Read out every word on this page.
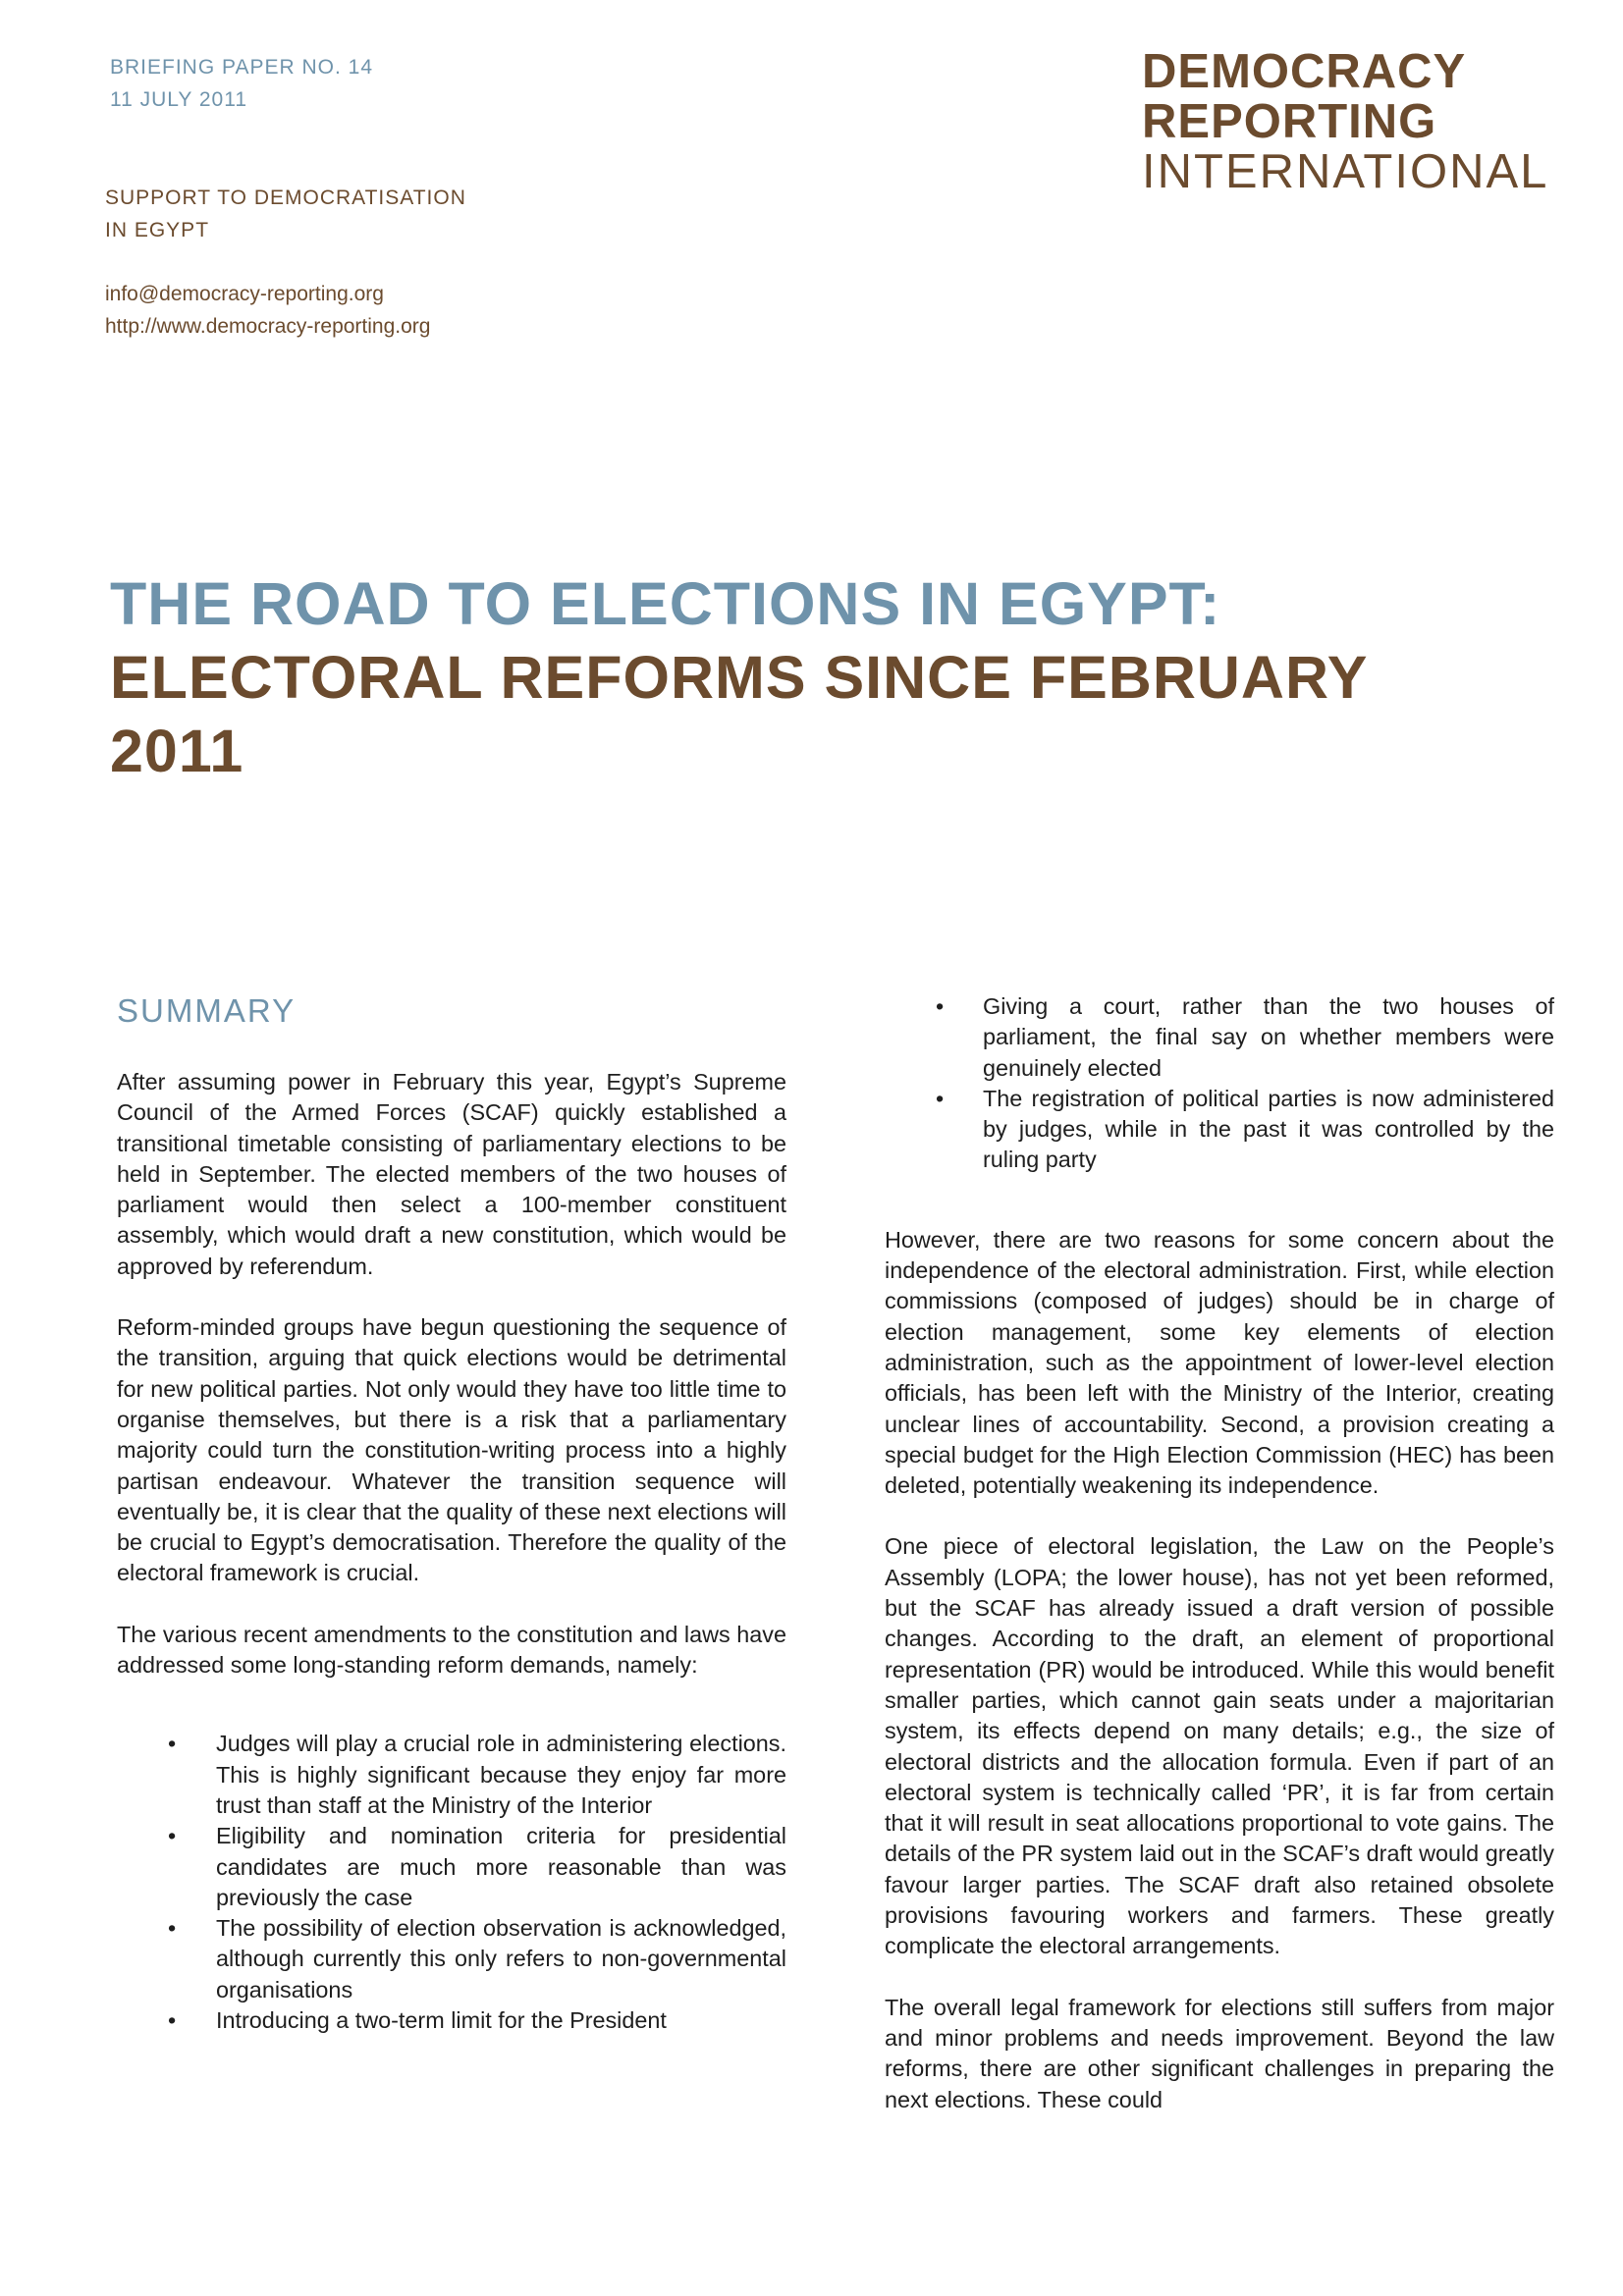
BRIEFING PAPER NO. 14
11 JULY 2011
SUPPORT TO DEMOCRATISATION
IN EGYPT
info@democracy-reporting.org
http://www.democracy-reporting.org
DEMOCRACY
REPORTING
INTERNATIONAL
THE ROAD TO ELECTIONS IN EGYPT:
ELECTORAL REFORMS SINCE FEBRUARY
2011
SUMMARY

After assuming power in February this year, Egypt’s Supreme Council of the Armed Forces (SCAF) quickly established a transitional timetable consisting of parliamentary elections to be held in September. The elected members of the two houses of parliament would then select a 100-member constituent assembly, which would draft a new constitution, which would be approved by referendum.

Reform-minded groups have begun questioning the sequence of the transition, arguing that quick elections would be detrimental for new political parties. Not only would they have too little time to organise themselves, but there is a risk that a parliamentary majority could turn the constitution-writing process into a highly partisan endeavour. Whatever the transition sequence will eventually be, it is clear that the quality of these next elections will be crucial to Egypt’s democratisation. Therefore the quality of the electoral framework is crucial.

The various recent amendments to the constitution and laws have addressed some long-standing reform demands, namely:

• Judges will play a crucial role in administering elections. This is highly significant because they enjoy far more trust than staff at the Ministry of the Interior
• Eligibility and nomination criteria for presidential candidates are much more reasonable than was previously the case
• The possibility of election observation is acknowledged, although currently this only refers to non-governmental organisations
• Introducing a two-term limit for the President
• Giving a court, rather than the two houses of parliament, the final say on whether members were genuinely elected
• The registration of political parties is now administered by judges, while in the past it was controlled by the ruling party

However, there are two reasons for some concern about the independence of the electoral administration. First, while election commissions (composed of judges) should be in charge of election management, some key elements of election administration, such as the appointment of lower-level election officials, has been left with the Ministry of the Interior, creating unclear lines of accountability. Second, a provision creating a special budget for the High Election Commission (HEC) has been deleted, potentially weakening its independence.

One piece of electoral legislation, the Law on the People’s Assembly (LOPA; the lower house), has not yet been reformed, but the SCAF has already issued a draft version of possible changes. According to the draft, an element of proportional representation (PR) would be introduced. While this would benefit smaller parties, which cannot gain seats under a majoritarian system, its effects depend on many details; e.g., the size of electoral districts and the allocation formula. Even if part of an electoral system is technically called ‘PR’, it is far from certain that it will result in seat allocations proportional to vote gains. The details of the PR system laid out in the SCAF’s draft would greatly favour larger parties. The SCAF draft also retained obsolete provisions favouring workers and farmers. These greatly complicate the electoral arrangements.

The overall legal framework for elections still suffers from major and minor problems and needs improvement. Beyond the law reforms, there are other significant challenges in preparing the next elections. These could
